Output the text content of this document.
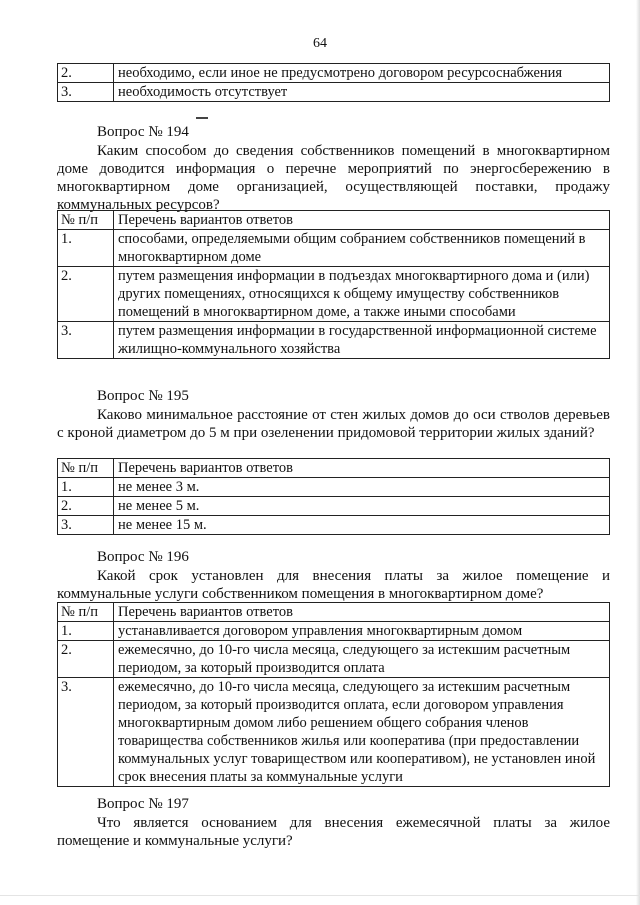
64
2.	необходимо, если иное не предусмотрено договором ресурсоснабжения
3.	необходимость отсутствует
Вопрос № 194
Каким способом до сведения собственников помещений в многоквартирном доме доводится информация о перечне мероприятий по энергосбережению в многоквартирном доме организацией, осуществляющей поставки, продажу коммунальных ресурсов?
№ п/п	Перечень вариантов ответов
1.	способами, определяемыми общим собранием собственников помещений в многоквартирном доме
2.	путем размещения информации в подъездах многоквартирного дома и (или) других помещениях, относящихся к общему имуществу собственников помещений в многоквартирном доме, а также иными способами
3.	путем размещения информации в государственной информационной системе жилищно-коммунального хозяйства
Вопрос № 195
Каково минимальное расстояние от стен жилых домов до оси стволов деревьев с кроной диаметром до 5 м при озеленении придомовой территории жилых зданий?
№ п/п	Перечень вариантов ответов
1.	не менее 3 м.
2.	не менее 5 м.
3.	не менее 15 м.
Вопрос № 196
Какой срок установлен для внесения платы за жилое помещение и коммунальные услуги собственником помещения в многоквартирном доме?
№ п/п	Перечень вариантов ответов
1.	устанавливается договором управления многоквартирным домом
2.	ежемесячно, до 10-го числа месяца, следующего за истекшим расчетным периодом, за который производится оплата
3.	ежемесячно, до 10-го числа месяца, следующего за истекшим расчетным периодом, за который производится оплата, если договором управления многоквартирным домом либо решением общего собрания членов товарищества собственников жилья или кооператива (при предоставлении коммунальных услуг товариществом или кооперативом), не установлен иной срок внесения платы за коммунальные услуги
Вопрос № 197
Что является основанием для внесения ежемесячной платы за жилое помещение и коммунальные услуги?
